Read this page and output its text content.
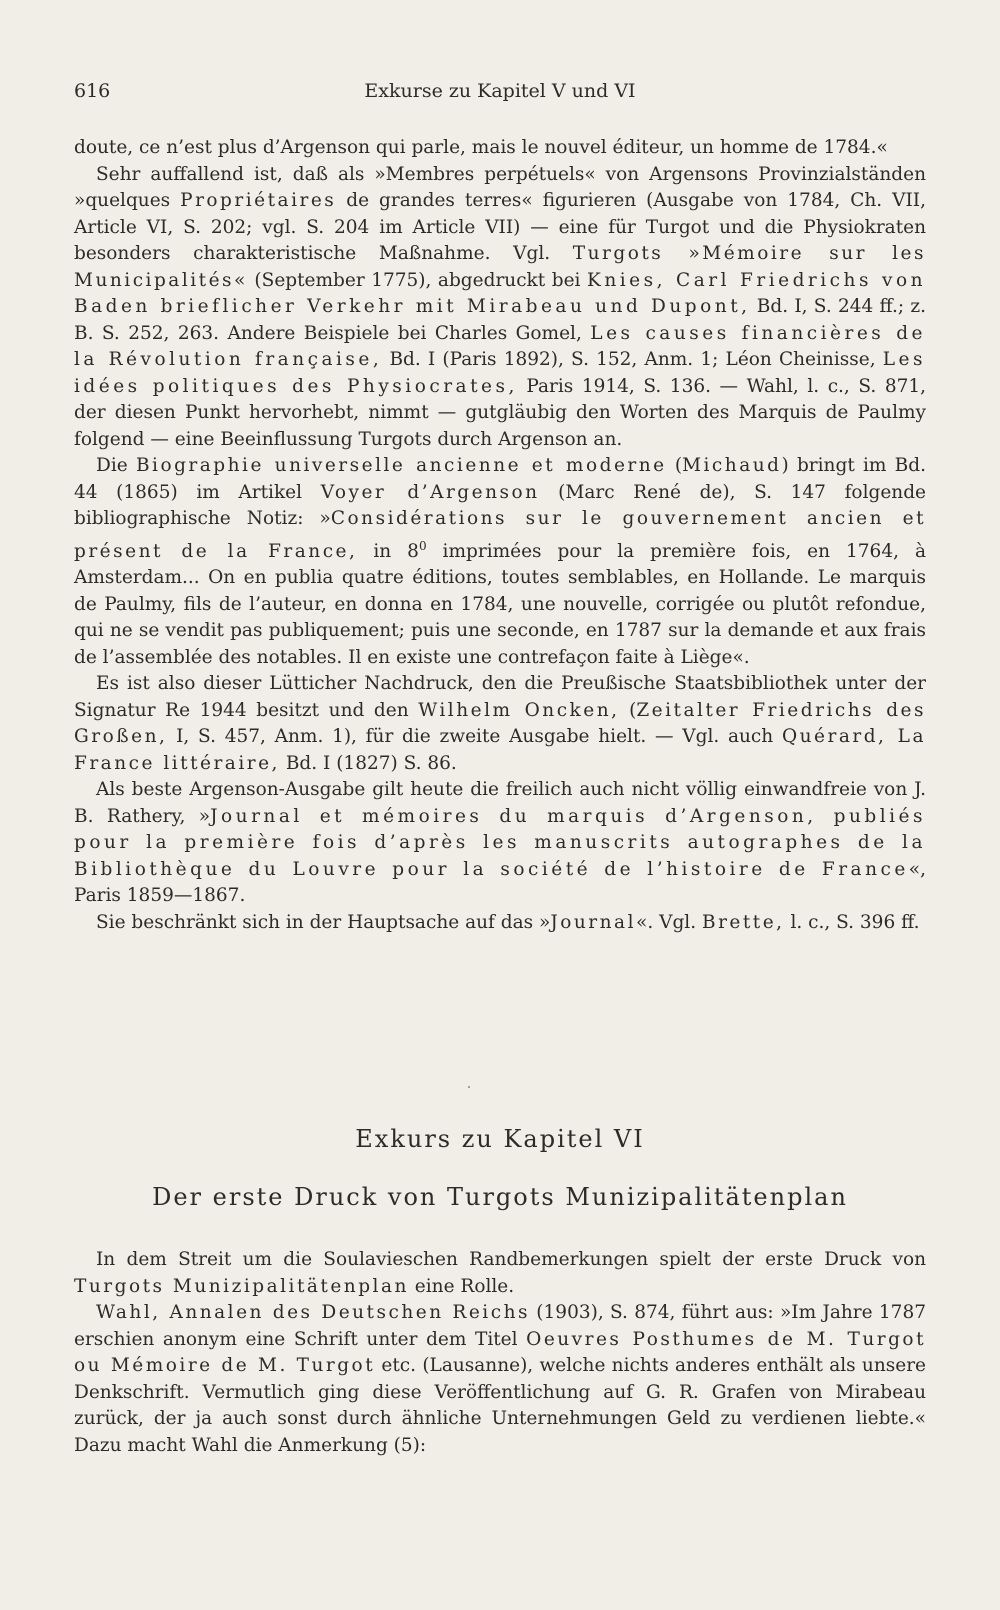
616	Exkurse zu Kapitel V und VI

doute, ce n’est plus d’Argenson qui parle, mais le nouvel éditeur, un homme de 1784.«

Sehr auffallend ist, daß als »Membres perpétuels« von Argensons Provinzialständen »quelques Propriétaires de grandes terres« figurieren (Ausgabe von 1784, Ch. VII, Article VI, S. 202; vgl. S. 204 im Article VII) — eine für Turgot und die Physiokraten besonders charakteristische Maßnahme. Vgl. Turgots »Mémoire sur les Municipalités« (September 1775), abgedruckt bei Knies, Carl Friedrichs von Baden brieflicher Verkehr mit Mirabeau und Dupont, Bd. I, S. 244 ff.; z. B. S. 252, 263. Andere Beispiele bei Charles Gomel, Les causes financières de la Révolution française, Bd. I (Paris 1892), S. 152, Anm. 1; Léon Cheinisse, Les idées politiques des Physiocrates, Paris 1914, S. 136. — Wahl, l. c., S. 871, der diesen Punkt hervorhebt, nimmt — gutgläubig den Worten des Marquis de Paulmy folgend — eine Beeinflussung Turgots durch Argenson an.

Die Biographie universelle ancienne et moderne (Michaud) bringt im Bd. 44 (1865) im Artikel Voyer d’Argenson (Marc René de), S. 147 folgende bibliographische Notiz: »Considérations sur le gouvernement ancien et présent de la France, in $8^0$ imprimées pour la première fois, en 1764, à Amsterdam... On en publia quatre éditions, toutes semblables, en Hollande. Le marquis de Paulmy, fils de l’auteur, en donna en 1784, une nouvelle, corrigée ou plutôt refondue, qui ne se vendit pas publiquement; puis une seconde, en 1787 sur la demande et aux frais de l’assemblée des notables. Il en existe une contrefaçon faite à Liège«.

Es ist also dieser Lütticher Nachdruck, den die Preußische Staatsbibliothek unter der Signatur Re 1944 besitzt und den Wilhelm Oncken, (Zeitalter Friedrichs des Großen, I, S. 457, Anm. 1), für die zweite Ausgabe hielt. — Vgl. auch Quérard, La France littéraire, Bd. I (1827) S. 86.

Als beste Argenson-Ausgabe gilt heute die freilich auch nicht völlig einwandfreie von J. B. Rathery, »Journal et mémoires du marquis d’Argenson, publiés pour la première fois d’après les manuscrits autographes de la Bibliothèque du Louvre pour la société de l’histoire de France«, Paris 1859—1867.

Sie beschränkt sich in der Hauptsache auf das »Journal«. Vgl. Brette, l. c., S. 396 ff.

Exkurs zu Kapitel VI
Der erste Druck von Turgots Munizipalitätenplan

In dem Streit um die Soulavieschen Randbemerkungen spielt der erste Druck von Turgots Munizipalitätenplan eine Rolle.

Wahl, Annalen des Deutschen Reichs (1903), S. 874, führt aus: »Im Jahre 1787 erschien anonym eine Schrift unter dem Titel Oeuvres Posthumes de M. Turgot ou Mémoire de M. Turgot etc. (Lausanne), welche nichts anderes enthält als unsere Denkschrift. Vermutlich ging diese Veröffentlichung auf G. R. Grafen von Mirabeau zurück, der ja auch sonst durch ähnliche Unternehmungen Geld zu verdienen liebte.« Dazu macht Wahl die Anmerkung (5):
